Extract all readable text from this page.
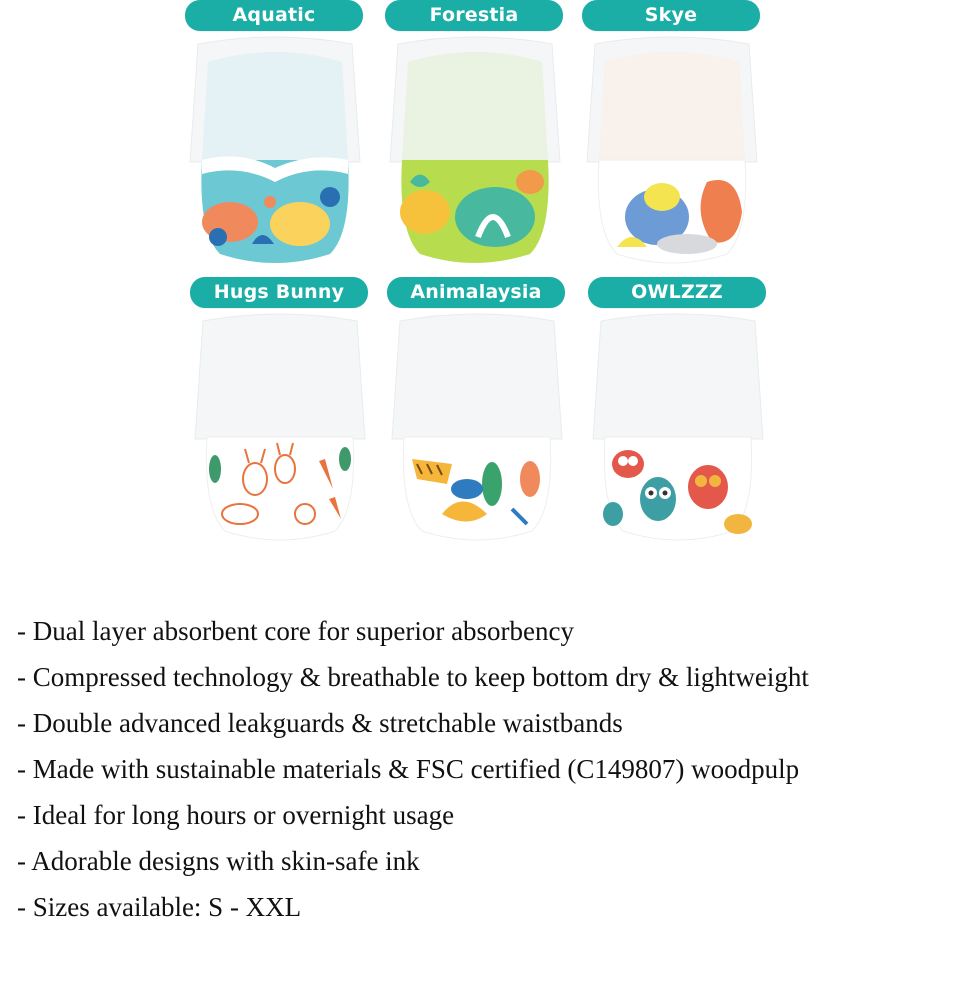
Aquatic	Forestia	Skye
Hugs Bunny	Animalaysia	OWLZZZ
- Dual layer absorbent core for superior absorbency
- Compressed technology & breathable to keep bottom dry & lightweight
- Double advanced leakguards & stretchable waistbands
- Made with sustainable materials & FSC certified (C149807) woodpulp
- Ideal for long hours or overnight usage
- Adorable designs with skin-safe ink
- Sizes available: S - XXL
